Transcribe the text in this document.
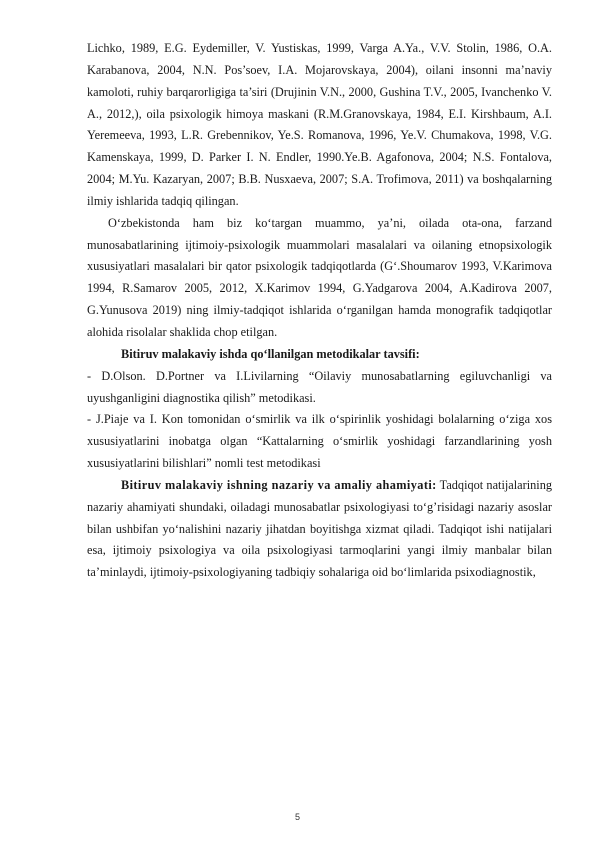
Lichko, 1989, E.G. Eydemiller, V. Yustiskas, 1999, Varga A.Ya., V.V. Stolin, 1986, O.A. Karabanova, 2004, N.N. Pos’soev, I.A. Mojarovskaya, 2004), oilani insonni ma’naviy kamoloti, ruhiy barqarorligiga ta’siri (Drujinin V.N., 2000, Gushina T.V., 2005, Ivanchenko V. A., 2012,), oila psixologik himoya maskani (R.M.Granovskaya, 1984, E.I. Kirshbaum, A.I. Yeremeeva, 1993, L.R. Grebennikov, Ye.S. Romanova, 1996, Ye.V. Chumakova, 1998, V.G. Kamenskaya, 1999, D. Parker I. N. Endler, 1990.Ye.B. Agafonova, 2004; N.S. Fontalova, 2004; M.Yu. Kazaryan, 2007; B.B. Nusxaeva, 2007; S.A. Trofimova, 2011) va boshqalarning ilmiy ishlarida tadqiq qilingan.

O‘zbekistonda ham biz ko‘targan muammo, ya’ni, oilada ota-ona, farzand munosabatlarining ijtimoiy-psixologik muammolari masalalari va oilaning etnopsixologik xususiyatlari masalalari bir qator psixologik tadqiqotlarda (G‘.Shoumarov 1993, V.Karimova 1994, R.Samarov 2005, 2012, X.Karimov 1994, G.Yadgarova 2004, A.Kadirova 2007, G.Yunusova 2019) ning ilmiy-tadqiqot ishlarida o‘rganilgan hamda monografik tadqiqotlar alohida risolalar shaklida chop etilgan.

Bitiruv malakaviy ishda qo‘llanilgan metodikalar tavsifi:

- D.Olson. D.Portner va I.Livilarning “Oilaviy munosabatlarning egiluvchanligi va uyushganligini diagnostika qilish” metodikasi.

- J.Piaje va I. Kon tomonidan o‘smirlik va ilk o‘spirinlik yoshidagi bolalarning o‘ziga xos xususiyatlarini inobatga olgan “Kattalarning o‘smirlik yoshidagi farzandlarining yosh xususiyatlarini bilishlari” nomli test metodikasi

Bitiruv malakaviy ishning nazariy va amaliy ahamiyati: Tadqiqot natijalarining nazariy ahamiyati shundaki, oiladagi munosabatlar psixologiyasi to‘g’risidagi nazariy asoslar bilan ushbifan yo‘nalishini nazariy jihatdan boyitishga xizmat qiladi. Tadqiqot ishi natijalari esa, ijtimoiy psixologiya va oila psixologiyasi tarmoqlarini yangi ilmiy manbalar bilan ta’minlaydi, ijtimoiy-psixologiyaning tadbiqiy sohalariga oid bo‘limlarida psixodiagnostik,

5
